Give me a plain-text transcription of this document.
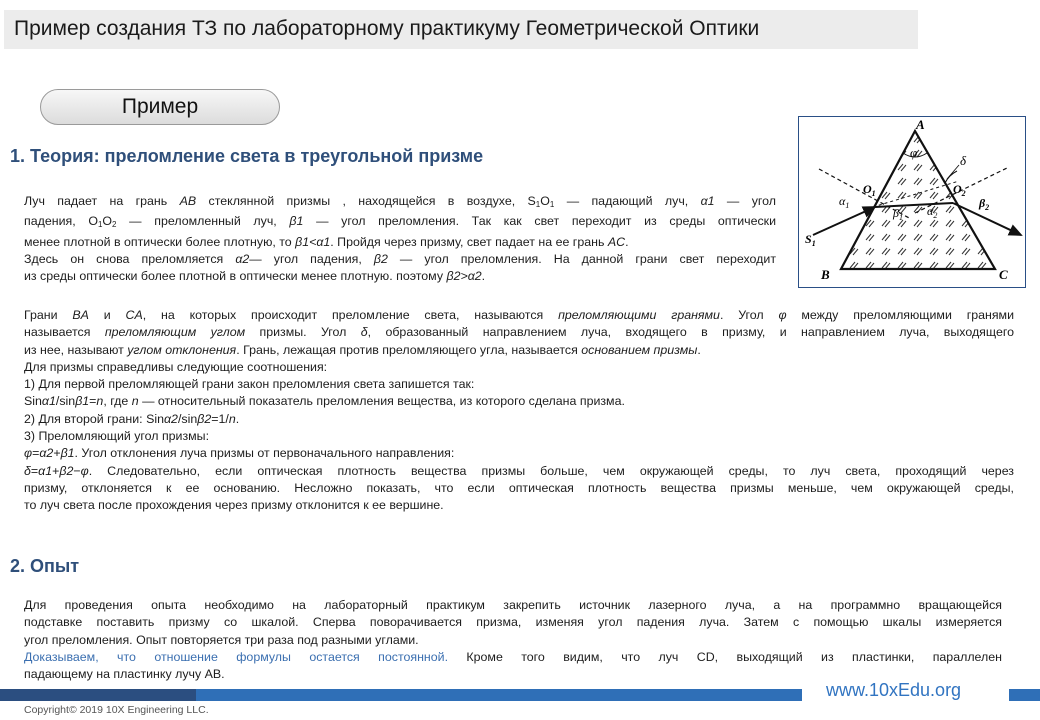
Пример создания ТЗ по лабораторному практикуму Геометрической Оптики
Пример
1. Теория: преломление света в треугольной призме
Луч падает на грань AB стеклянной призмы , находящейся в воздухе, $S_1O_1$ — падающий луч, α1 — угол
падения, $O_1O_2$ — преломленный луч, β1 — угол преломления. Так как свет переходит из среды оптически
менее плотной в оптически более плотную, то β1<α1. Пройдя через призму, свет падает на ее грань AC.
Здесь он снова преломляется α2— угол падения, β2 — угол преломления. На данной грани свет переходит
из среды оптически более плотной в оптически менее плотную. поэтому β2>α2.
A
B	C
φ
δ
$O_1$	$O_2$
$\alpha_1$
$\beta_1$ $\alpha_2$
$\beta_2$
$S_1$
Грани BA и CA, на которых происходит преломление света, называются преломляющими гранями. Угол φ между преломляющими гранями
называется преломляющим углом призмы. Угол δ, образованный направлением луча, входящего в призму, и направлением луча, выходящего
из нее, называют углом отклонения. Грань, лежащая против преломляющего угла, называется основанием призмы.
Для призмы справедливы следующие соотношения:
1) Для первой преломляющей грани закон преломления света запишется так:
Sinα1/sinβ1=n, где n — относительный показатель преломления вещества, из которого сделана призма.
2) Для второй грани: Sinα2/sinβ2=1/n.
3) Преломляющий угол призмы:
φ=α2+β1. Угол отклонения луча призмы от первоначального направления:
δ=α1+β2−φ. Следовательно, если оптическая плотность вещества призмы больше, чем окружающей среды, то луч света, проходящий через
призму, отклоняется к ее основанию. Несложно показать, что если оптическая плотность вещества призмы меньше, чем окружающей среды,
то луч света после прохождения через призму отклонится к ее вершине.
2. Опыт
Для проведения опыта необходимо на лабораторный практикум закрепить источник лазерного луча, а на программно вращающейся
подставке поставить призму со шкалой. Сперва поворачивается призма, изменяя угол падения луча. Затем с помощью шкалы измеряется
угол преломления. Опыт повторяется три раза под разными углами.
Доказываем, что отношение формулы остается постоянной. Кроме того видим, что луч CD, выходящий из пластинки, параллелен
падающему на пластинку лучу AB.
www.10xEdu.org
Copyright© 2019 10X Engineering LLC.
